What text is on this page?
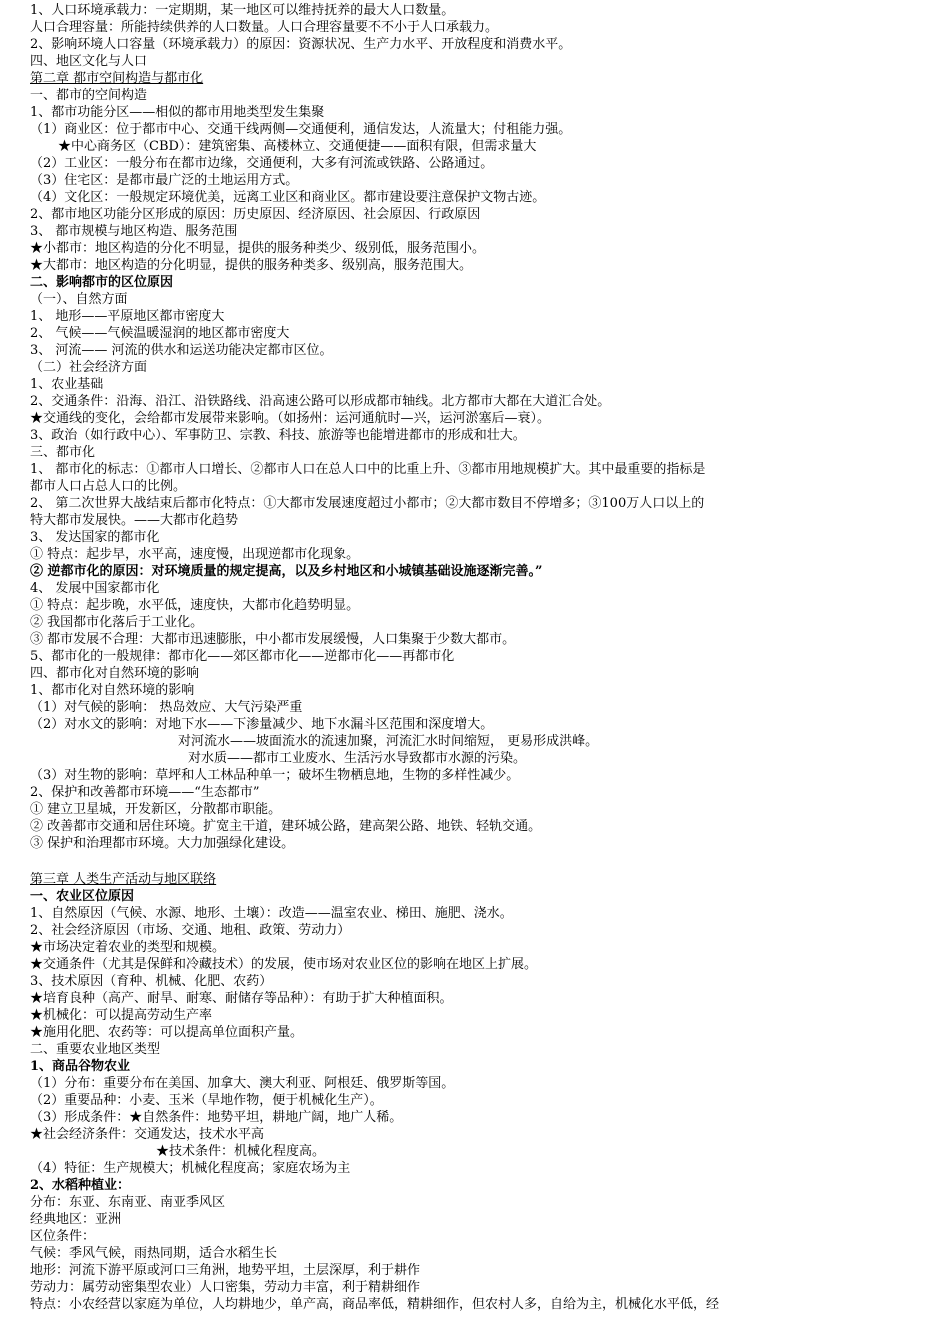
1、人口环境承载力：一定期期，某一地区可以维持抚养的最大人口数量。
人口合理容量：所能持续供养的人口数量。人口合理容量要不不小于人口承载力。
2、影响环境人口容量（环境承载力）的原因：资源状况、生产力水平、开放程度和消费水平。
四、地区文化与人口
第二章 都市空间构造与都市化
一、都市的空间构造
1、都市功能分区——相似的都市用地类型发生集聚
（1）商业区：位于都市中心、交通干线两侧—交通便利，通信发达，人流量大；付租能力强。
★中心商务区（CBD）：建筑密集、高楼林立、交通便捷——面积有限，但需求量大
（2）工业区：一般分布在都市边缘，交通便利，大多有河流或铁路、公路通过。
（3）住宅区：是都市最广泛的土地运用方式。
（4）文化区：一般规定环境优美，远离工业区和商业区。都市建设要注意保护文物古迹。
2、都市地区功能分区形成的原因：历史原因、经济原因、社会原因、行政原因
3、 都市规模与地区构造、服务范围
★小都市：地区构造的分化不明显，提供的服务种类少、级别低，服务范围小。
★大都市：地区构造的分化明显，提供的服务种类多、级别高，服务范围大。
二、影响都市的区位原因
（一）、自然方面
1、 地形——平原地区都市密度大
2、 气候——气候温暖湿润的地区都市密度大
3、 河流—— 河流的供水和运送功能决定都市区位。
（二）社会经济方面
1、农业基础
2、交通条件：沿海、沿江、沿铁路线、沿高速公路可以形成都市轴线。北方都市大都在大道汇合处。
★交通线的变化，会给都市发展带来影响。（如扬州：运河通航时—兴，运河淤塞后—衰）。
3、政治（如行政中心）、军事防卫、宗教、科技、旅游等也能增进都市的形成和壮大。
三、都市化
1、 都市化的标志：①都市人口增长、②都市人口在总人口中的比重上升、③都市用地规模扩大。其中最重要的指标是
都市人口占总人口的比例。
2、 第二次世界大战结束后都市化特点：①大都市发展速度超过小都市；②大都市数目不停增多；③100万人口以上的
特大都市发展快。——大都市化趋势
3、 发达国家的都市化
① 特点：起步早，水平高，速度慢，出现逆都市化现象。
② 逆都市化的原因：对环境质量的规定提高，以及乡村地区和小城镇基础设施逐渐完善。”
4、 发展中国家都市化
① 特点：起步晚，水平低，速度快，大都市化趋势明显。
② 我国都市化落后于工业化。
③ 都市发展不合理：大都市迅速膨胀，中小都市发展缓慢，人口集聚于少数大都市。
5、都市化的一般规律：都市化——郊区都市化——逆都市化——再都市化
四、都市化对自然环境的影响
1、都市化对自然环境的影响
（1）对气候的影响： 热岛效应、大气污染严重
（2）对水文的影响：对地下水——下渗量减少、地下水漏斗区范围和深度增大。
对河流水——坡面流水的流速加聚，河流汇水时间缩短， 更易形成洪峰。
对水质——都市工业废水、生活污水导致都市水源的污染。
（3）对生物的影响：草坪和人工林品种单一；破坏生物栖息地，生物的多样性减少。
2、保护和改善都市环境——“生态都市”
① 建立卫星城，开发新区，分散都市职能。
② 改善都市交通和居住环境。扩宽主干道，建环城公路，建高架公路、地铁、轻轨交通。
③ 保护和治理都市环境。大力加强绿化建设。
第三章 人类生产活动与地区联络
一、农业区位原因
1、自然原因（气候、水源、地形、土壤）：改造——温室农业、梯田、施肥、浇水。
2、社会经济原因（市场、交通、地租、政策、劳动力）
★市场决定着农业的类型和规模。
★交通条件（尤其是保鲜和冷藏技术）的发展，使市场对农业区位的影响在地区上扩展。
3、技术原因（育种、机械、化肥、农药）
★培育良种（高产、耐旱、耐寒、耐储存等品种）：有助于扩大种植面积。
★机械化：可以提高劳动生产率
★施用化肥、农药等：可以提高单位面积产量。
二、重要农业地区类型
1、商品谷物农业
（1）分布：重要分布在美国、加拿大、澳大利亚、阿根廷、俄罗斯等国。
（2）重要品种：小麦、玉米（旱地作物，便于机械化生产）。
（3）形成条件：★自然条件：地势平坦，耕地广阔，地广人稀。
★社会经济条件：交通发达，技术水平高
★技术条件：机械化程度高。
（4）特征：生产规模大；机械化程度高；家庭农场为主
2、水稻种植业：
分布：东亚、东南亚、南亚季风区
经典地区：亚洲
区位条件：
气候：季风气候，雨热同期，适合水稻生长
地形：河流下游平原或河口三角洲，地势平坦，土层深厚，利于耕作
劳动力：属劳动密集型农业）人口密集，劳动力丰富，利于精耕细作
特点：小农经营以家庭为单位，人均耕地少，单产高，商品率低，精耕细作，但农村人多，自给为主，机械化水平低，经
